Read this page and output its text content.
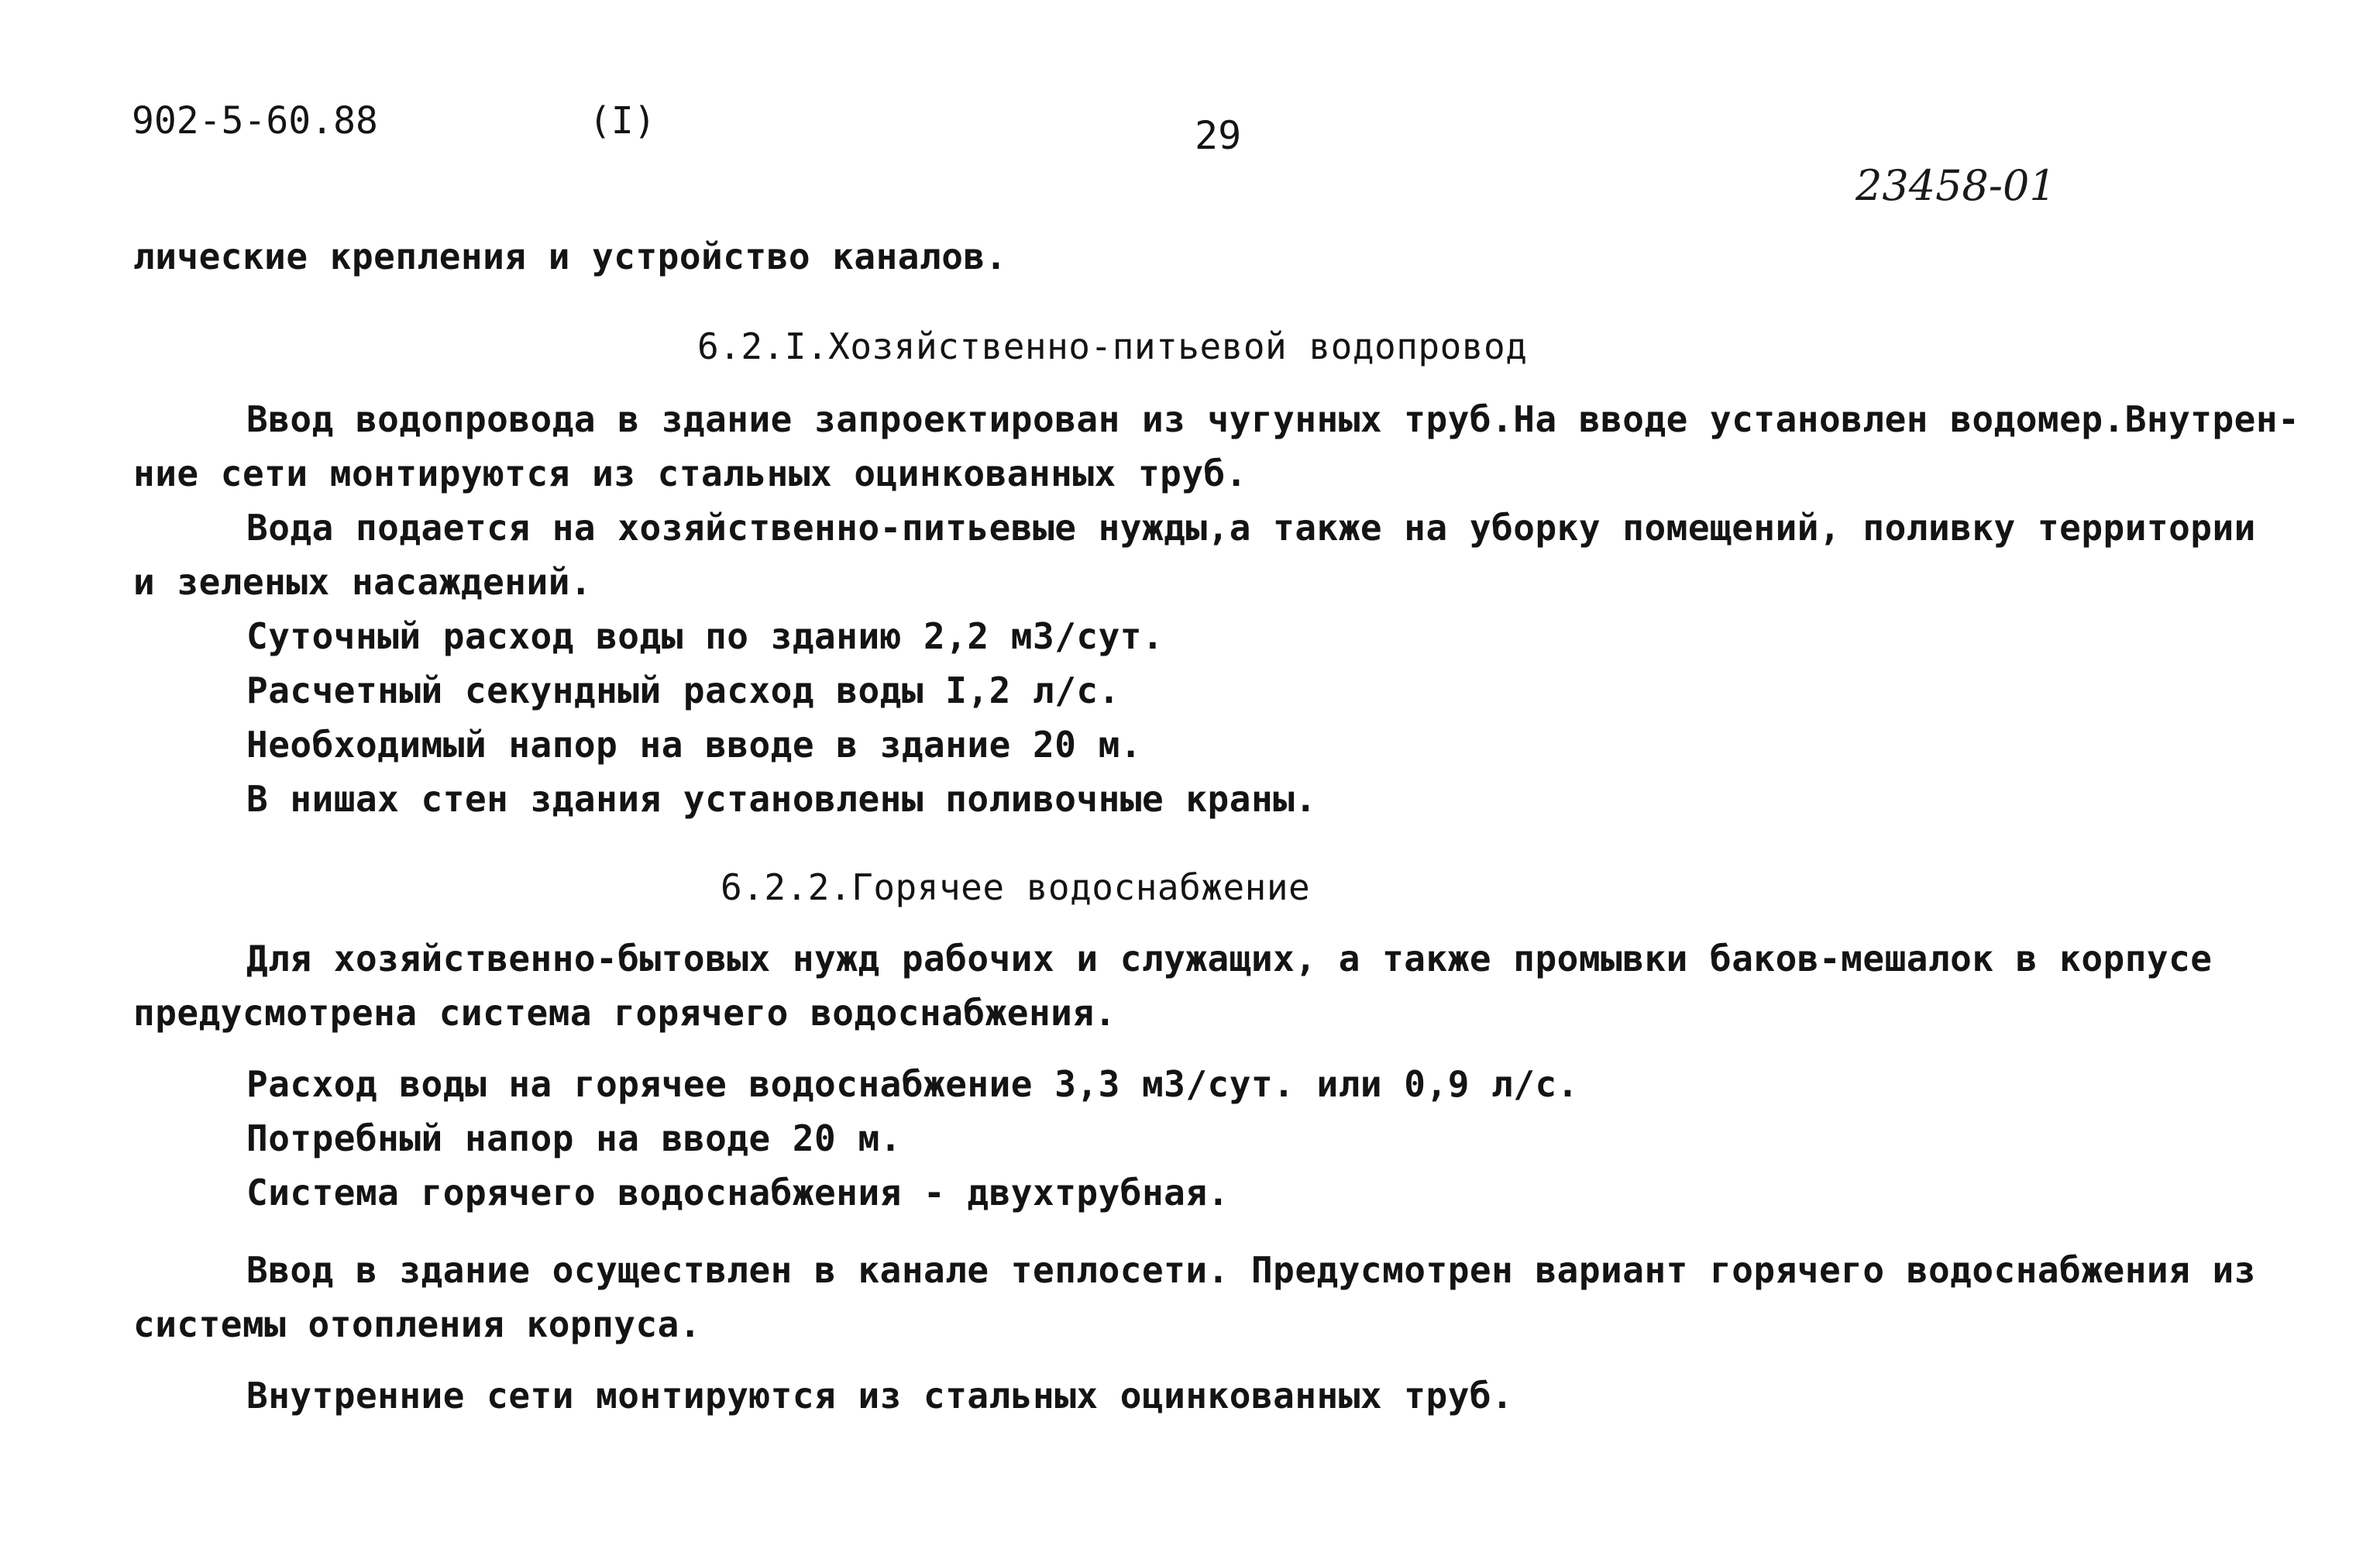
902-5-60.88	(I)	29
23458-01
лические крепления и устройство каналов.
6.2.I.Хозяйственно-питьевой водопровод
Ввод водопровода в здание запроектирован из чугунных труб.На вводе установлен водомер.Внутрен-
ние сети монтируются из стальных оцинкованных труб.
Вода подается на хозяйственно-питьевые нужды,а также на уборку помещений, поливку территории
и зеленых насаждений.
Суточный расход воды по зданию 2,2 м3/сут.
Расчетный секундный расход воды I,2 л/с.
Необходимый напор на вводе в здание 20 м.
В нишах стен здания установлены поливочные краны.
6.2.2.Горячее водоснабжение
Для хозяйственно-бытовых нужд рабочих и служащих, а также промывки баков-мешалок в корпусе
предусмотрена система горячего водоснабжения.
Расход воды на горячее водоснабжение 3,3 м3/сут. или 0,9 л/с.
Потребный напор на вводе 20 м.
Система горячего водоснабжения - двухтрубная.
Ввод в здание осуществлен в канале теплосети. Предусмотрен вариант горячего водоснабжения из
системы отопления корпуса.
Внутренние сети монтируются из стальных оцинкованных труб.
